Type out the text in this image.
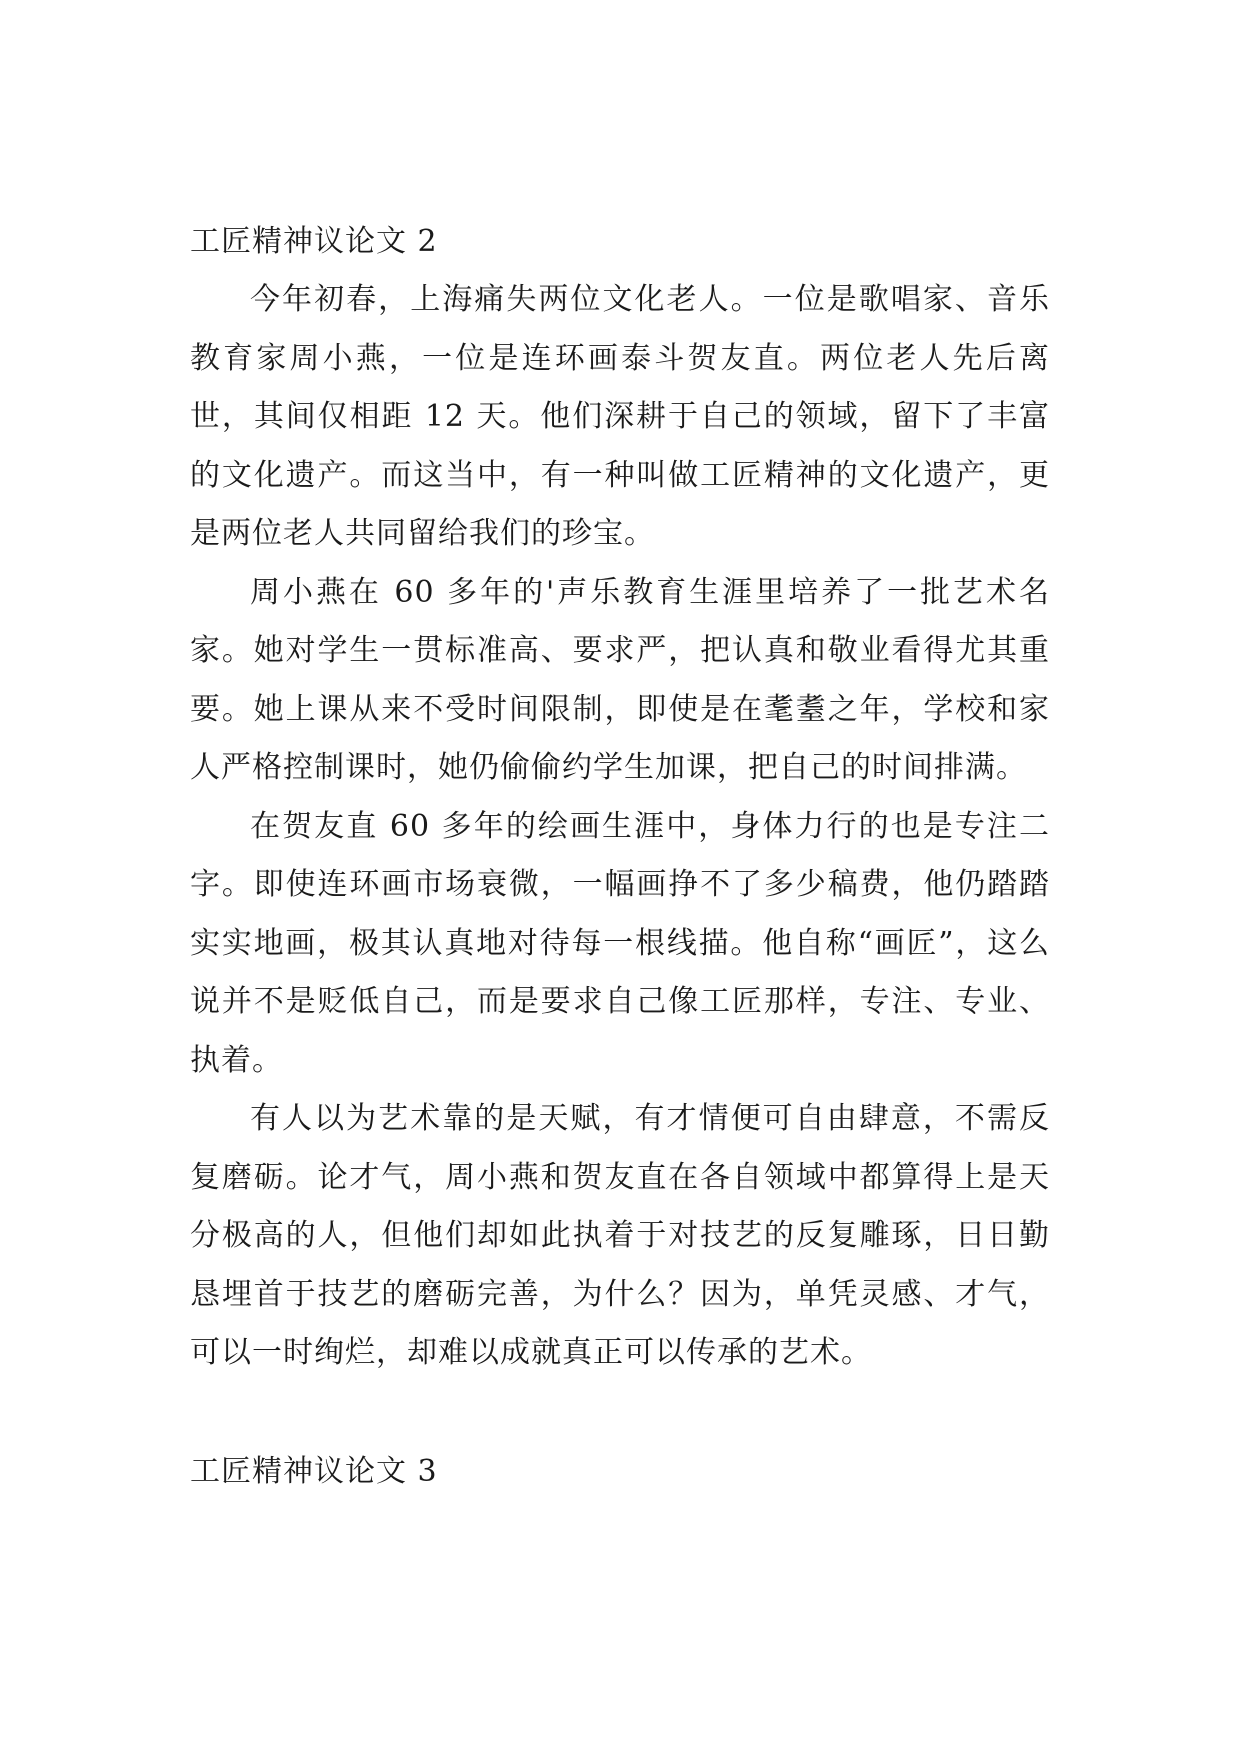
工匠精神议论文 2

今年初春，上海痛失两位文化老人。一位是歌唱家、音乐教育家周小燕，一位是连环画泰斗贺友直。两位老人先后离世，其间仅相距 12 天。他们深耕于自己的领域，留下了丰富的文化遗产。而这当中，有一种叫做工匠精神的文化遗产，更是两位老人共同留给我们的珍宝。

周小燕在 60 多年的'声乐教育生涯里培养了一批艺术名家。她对学生一贯标准高、要求严，把认真和敬业看得尤其重要。她上课从来不受时间限制，即使是在耄耋之年，学校和家人严格控制课时，她仍偷偷约学生加课，把自己的时间排满。

在贺友直 60 多年的绘画生涯中，身体力行的也是专注二字。即使连环画市场衰微，一幅画挣不了多少稿费，他仍踏踏实实地画，极其认真地对待每一根线描。他自称“画匠”，这么说并不是贬低自己，而是要求自己像工匠那样，专注、专业、执着。

有人以为艺术靠的是天赋，有才情便可自由肆意，不需反复磨砺。论才气，周小燕和贺友直在各自领域中都算得上是天分极高的人，但他们却如此执着于对技艺的反复雕琢，日日勤恳埋首于技艺的磨砺完善，为什么？因为，单凭灵感、才气，可以一时绚烂，却难以成就真正可以传承的艺术。

工匠精神议论文 3
